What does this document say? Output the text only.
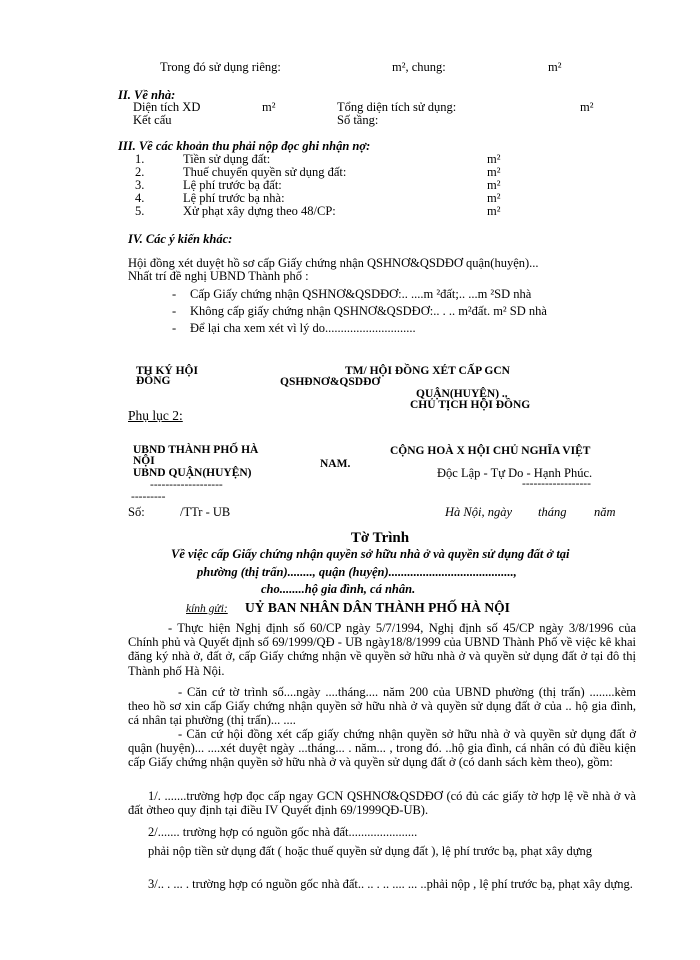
Trong đó sử dụng riêng:	m², chung:	m²
II. Về nhà:
Diện tích XD	m²	Tổng diện tích sử dụng:	m²
Kết cấu	Số tầng:
III. Về các khoản thu phải nộp đọc ghi nhận nợ:
1.	Tiền sử dụng đất:	m²
2.	Thuế chuyển quyền sử dụng đất:	m²
3.	Lệ phí trước bạ đất:	m²
4.	Lệ phí trước bạ nhà:	m²
5.	Xử phạt xây dựng theo 48/CP:	m²
IV. Các ý kiến khác:
Hội đồng xét duyệt hồ sơ cấp Giấy chứng nhận QSHNƠ&QSDĐƠ quận(huyện)...
Nhất trí đề nghị UBND Thành phố :
- Cấp Giấy chứng nhận QSHNƠ&QSDĐƠ:.. ....m ²đất;.. ...m ²SD nhà
- Không cấp giấy chứng nhận QSHNƠ&QSDĐƠ:.. . .. m²đất. m² SD nhà
- Để lại cha xem xét vì lý do.............................
TH KÝ HỘI
ĐỒNG
TM/ HỘI ĐỒNG XÉT CẤP GCN
QSHĐNƠ&QSDĐƠ
QUẬN(HUYỆN) ..
CHỦ TỊCH HỘI ĐỒNG
Phụ lục 2:
UBND THÀNH PHỐ HÀ
NỘI
UBND QUẬN(HUYỆN)
-------------------
---------
NAM.
CỘNG HOÀ X HỘI CHỦ NGHĨA VIỆT
Độc Lập - Tự Do - Hạnh Phúc.
------------------
Số:	/TTr - UB	Hà Nội, ngày tháng năm
Tờ Trình
Về việc cấp Giấy chứng nhận quyền sở hữu nhà ở và quyền sử dụng đất ở tại
phường (thị trấn)........, quận (huyện)........................................,
cho........hộ gia đình, cá nhân.
kính gửi: UỶ BAN NHÂN DÂN THÀNH PHỐ HÀ NỘI
- Thực hiện Nghị định số 60/CP ngày 5/7/1994, Nghị định số 45/CP ngày 3/8/1996 của Chính phủ và Quyết định số 69/1999/QĐ - UB ngày18/8/1999 của UBND Thành Phố về việc kê khai đăng ký nhà ở, đất ở, cấp Giấy chứng nhận về quyền sở hữu nhà ở và quyền sử dụng đất ở tại đô thị Thành phố Hà Nội.
- Căn cứ tờ trình số....ngày ....tháng.... năm 200 của UBND phường (thị trấn) ........kèm theo hồ sơ xin cấp Giấy chứng nhận quyền sở hữu nhà ở và quyền sử dụng đất ở của .. hộ gia đình, cá nhân tại phường (thị trấn)... ....
- Căn cứ hội đồng xét cấp giấy chứng nhận quyền sở hữu nhà ở và quyền sử dụng đất ở quận (huyện)... ....xét duyệt ngày ...tháng... . năm... , trong đó. ..hộ gia đình, cá nhân có đủ điều kiện cấp Giấy chứng nhận quyền sở hữu nhà ở và quyền sử dụng đất ở (có danh sách kèm theo), gồm:
1/. .......trường hợp đọc cấp ngay GCN QSHNƠ&QSDĐƠ (có đủ các giấy tờ hợp lệ về nhà ở và đất ởtheo quy định tại điều IV Quyết định 69/1999QĐ-UB).
2/....... trường hợp có nguồn gốc nhà đất......................
phải nộp tiền sử dụng đất ( hoặc thuế quyền sử dụng đất ), lệ phí trước bạ, phạt xây dựng
3/.. . ... . trường hợp có nguồn gốc nhà đất.. .. . .. .... ... ..phải nộp , lệ phí trước bạ, phạt xây dựng.
